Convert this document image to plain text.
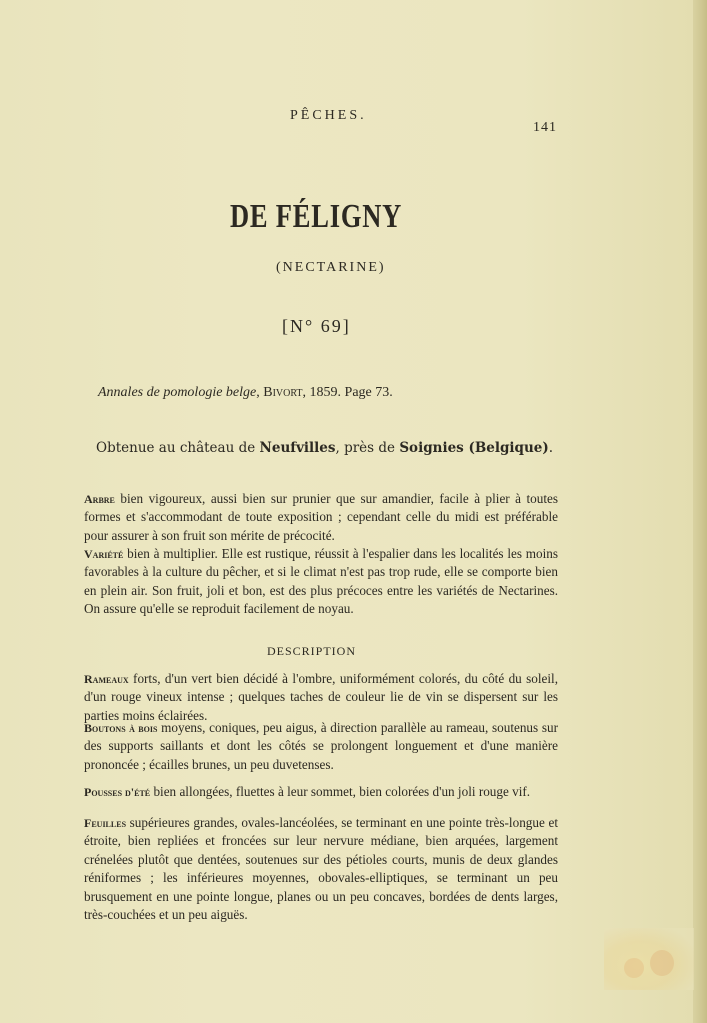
PÊCHES.
141
DE FÉLIGNY
(NECTARINE)
[N° 69]
Annales de pomologie belge, Bivort, 1859. Page 73.
Obtenue au château de Neufvilles, près de Soignies (Belgique).
Arbre bien vigoureux, aussi bien sur prunier que sur amandier, facile à plier à toutes formes et s'accommodant de toute exposition ; cependant celle du midi est préférable pour assurer à son fruit son mérite de précocité.
Variété bien à multiplier. Elle est rustique, réussit à l'espalier dans les localités les moins favorables à la culture du pêcher, et si le climat n'est pas trop rude, elle se comporte bien en plein air. Son fruit, joli et bon, est des plus précoces entre les variétés de Nectarines. On assure qu'elle se reproduit facilement de noyau.
DESCRIPTION
Rameaux forts, d'un vert bien décidé à l'ombre, uniformément colorés, du côté du soleil, d'un rouge vineux intense ; quelques taches de couleur lie de vin se dispersent sur les parties moins éclairées.
Boutons à bois moyens, coniques, peu aigus, à direction parallèle au rameau, soutenus sur des supports saillants et dont les côtés se prolongent longuement et d'une manière prononcée ; écailles brunes, un peu duvetenses.
Pousses d'été bien allongées, fluettes à leur sommet, bien colorées d'un joli rouge vif.
Feuilles supérieures grandes, ovales-lancéolées, se terminant en une pointe très-longue et étroite, bien repliées et froncées sur leur nervure médiane, bien arquées, largement crénelées plutôt que dentées, soutenues sur des pétioles courts, munis de deux glandes réniformes ; les inférieures moyennes, obovales-elliptiques, se terminant un peu brusquement en une pointe longue, planes ou un peu concaves, bordées de dents larges, très-couchées et un peu aiguës.
